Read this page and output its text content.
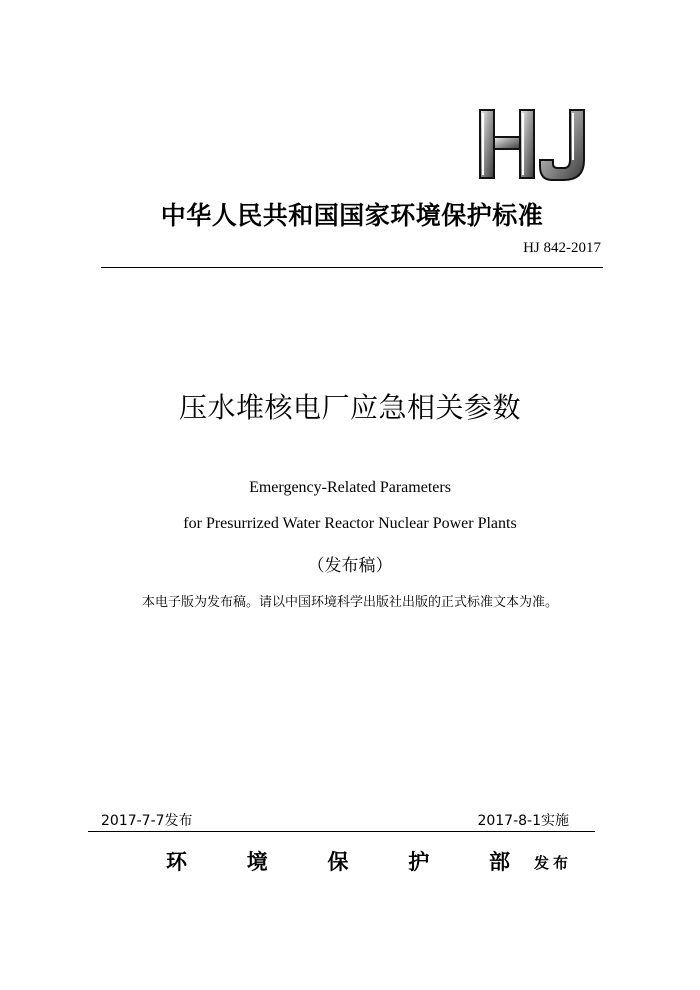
中华人民共和国国家环境保护标准
HJ 842-2017
压水堆核电厂应急相关参数
Emergency-Related Parameters
for Presurrized Water Reactor Nuclear Power Plants
（发布稿）
本电子版为发布稿。请以中国环境科学出版社出版的正式标准文本为准。
2017-7-7发布	2017-8-1实施
环	境	保	护	部 发布
